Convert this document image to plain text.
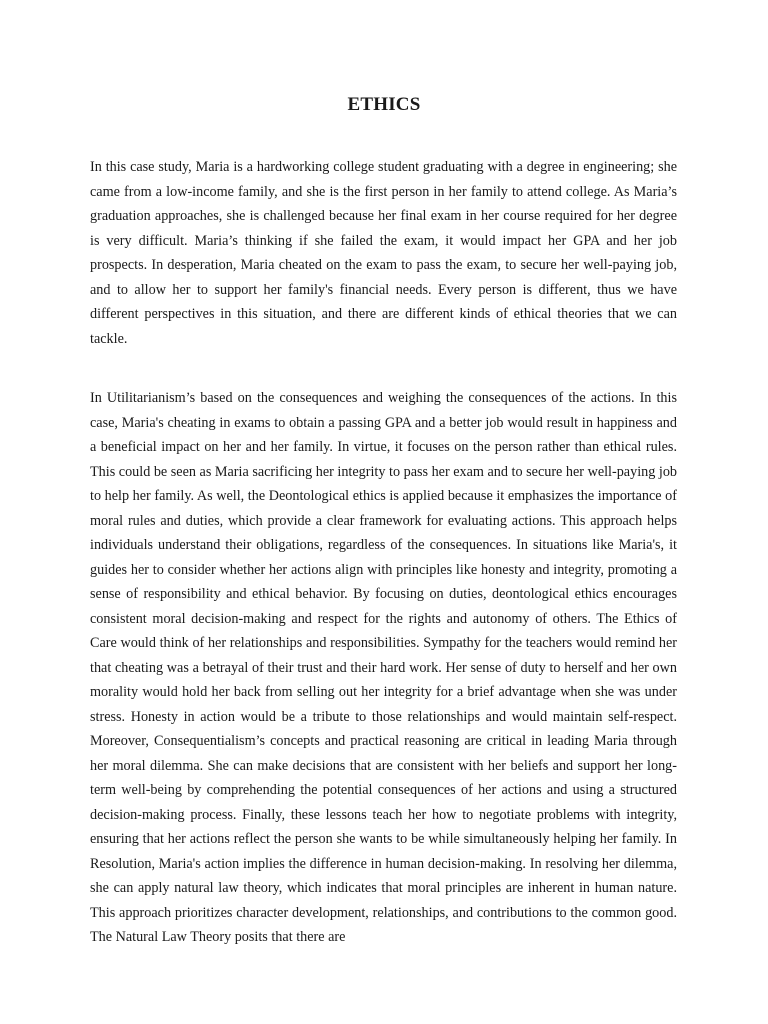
ETHICS

In this case study, Maria is a hardworking college student graduating with a degree in engineering; she came from a low-income family, and she is the first person in her family to attend college. As Maria’s graduation approaches, she is challenged because her final exam in her course required for her degree is very difficult. Maria’s thinking if she failed the exam, it would impact her GPA and her job prospects. In desperation, Maria cheated on the exam to pass the exam, to secure her well-paying job, and to allow her to support her family's financial needs. Every person is different, thus we have different perspectives in this situation, and there are different kinds of ethical theories that we can tackle.

In Utilitarianism’s based on the consequences and weighing the consequences of the actions. In this case, Maria's cheating in exams to obtain a passing GPA and a better job would result in happiness and a beneficial impact on her and her family. In virtue, it focuses on the person rather than ethical rules. This could be seen as Maria sacrificing her integrity to pass her exam and to secure her well-paying job to help her family. As well, the Deontological ethics is applied because it emphasizes the importance of moral rules and duties, which provide a clear framework for evaluating actions. This approach helps individuals understand their obligations, regardless of the consequences. In situations like Maria's, it guides her to consider whether her actions align with principles like honesty and integrity, promoting a sense of responsibility and ethical behavior. By focusing on duties, deontological ethics encourages consistent moral decision-making and respect for the rights and autonomy of others. The Ethics of Care would think of her relationships and responsibilities. Sympathy for the teachers would remind her that cheating was a betrayal of their trust and their hard work. Her sense of duty to herself and her own morality would hold her back from selling out her integrity for a brief advantage when she was under stress. Honesty in action would be a tribute to those relationships and would maintain self-respect. Moreover, Consequentialism’s concepts and practical reasoning are critical in leading Maria through her moral dilemma. She can make decisions that are consistent with her beliefs and support her long-term well-being by comprehending the potential consequences of her actions and using a structured decision-making process. Finally, these lessons teach her how to negotiate problems with integrity, ensuring that her actions reflect the person she wants to be while simultaneously helping her family. In Resolution, Maria's action implies the difference in human decision-making. In resolving her dilemma, she can apply natural law theory, which indicates that moral principles are inherent in human nature. This approach prioritizes character development, relationships, and contributions to the common good. The Natural Law Theory posits that there are
